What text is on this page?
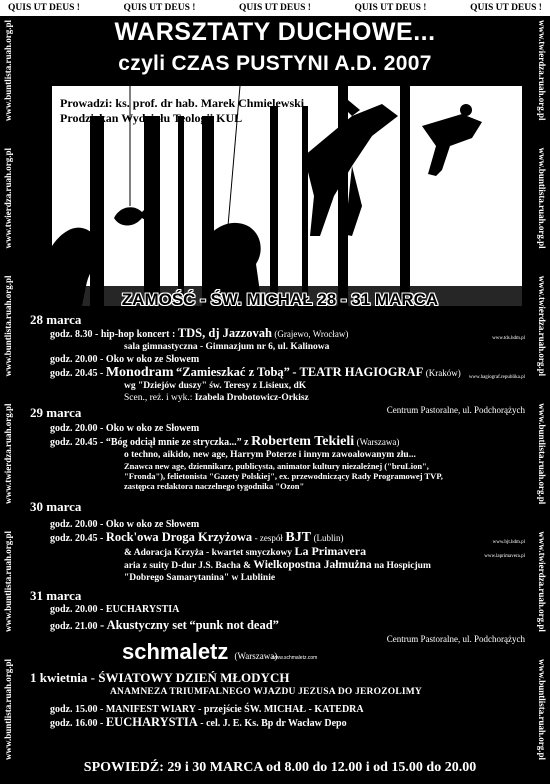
QUIS UT DEUS !	QUIS UT DEUS !	QUIS UT DEUS !	QUIS UT DEUS !	QUIS UT DEUS !
www.buntlista.ruah.org.pl
www.buntlista.ruah.org.pl
www.twierdza.ruah.org.pl
www.buntlista.ruah.org.pl
www.twierdza.ruah.org.pl
www.buntlista.ruah.org.pl	www.twierdza.ruah.org.pl
www.buntlista.ruah.org.pl
www.twierdza.ruah.org.pl
www.buntlista.ruah.org.pl
www.twierdza.ruah.org.pl
www.buntlista.ruah.org.pl
WARSZTATY DUCHOWE...
czyli CZAS PUSTYNI A.D. 2007
Prowadzi: ks. prof. dr hab. Marek Chmielewski
Prodziekan Wydziału Teologii KUL
ZAMOŚĆ - ŚW. MICHAŁ 28 - 31 MARCA
28 marca
godz. 8.30 - hip-hop koncert : TDS, dj Jazzovah (Grajewo, Wrocław)	www.tds.hdm.pl
sala gimnastyczna - Gimnazjum nr 6, ul. Kalinowa
godz. 20.00 - Oko w oko ze Słowem
godz. 20.45 - Monodram “Zamieszkać z Tobą” - TEATR HAGIOGRAF (Kraków) www.hagiograf.republika.pl
wg "Dziejów duszy" św. Teresy z Lisieux, dK
Scen., reż. i wyk.: Izabela Drobotowicz-Orkisz
Centrum Pastoralne, ul. Podchorążych
29 marca
godz. 20.00 - Oko w oko ze Słowem
godz. 20.45 - “Bóg odciął mnie ze stryczka...” z Robertem Tekieli (Warszawa)
o techno, aikido, new age, Harrym Poterze i innym zawoalowanym złu...
Znawca new age, dziennikarz, publicysta, animator kultury niezależnej ("bruLion",
"Fronda"), felietonista "Gazety Polskiej", ex. przewodniczący Rady Programowej TVP,
zastępca redaktora naczelnego tygodnika "Ozon"
30 marca
godz. 20.00 - Oko w oko ze Słowem
godz. 20.45 - Rock'owa Droga Krzyżowa - zespół BJT (Lublin)	www.bjt.hdm.pl
& Adoracja Krzyża - kwartet smyczkowy La Primavera	www.laprimavera.pl
aria z suity D-dur J.S. Bacha & Wielkopostna Jałmużna na Hospicjum
"Dobrego Samarytanina" w Lublinie
31 marca
godz. 20.00 - EUCHARYSTIA
godz. 21.00 - Akustyczny set “punk not dead”
Centrum Pastoralne, ul. Podchorążych
schmaletz (Warszawa)
www.schmaletz.com
1 kwietnia - ŚWIATOWY DZIEŃ MŁODYCH
ANAMNEZA TRIUMFALNEGO WJAZDU JEZUSA DO JEROZOLIMY
godz. 15.00 - MANIFEST WIARY - przejście ŚW. MICHAŁ - KATEDRA
godz. 16.00 - EUCHARYSTIA - cel. J. E. Ks. Bp dr Wacław Depo
SPOWIEDŹ: 29 i 30 MARCA od 8.00 do 12.00 i od 15.00 do 20.00
